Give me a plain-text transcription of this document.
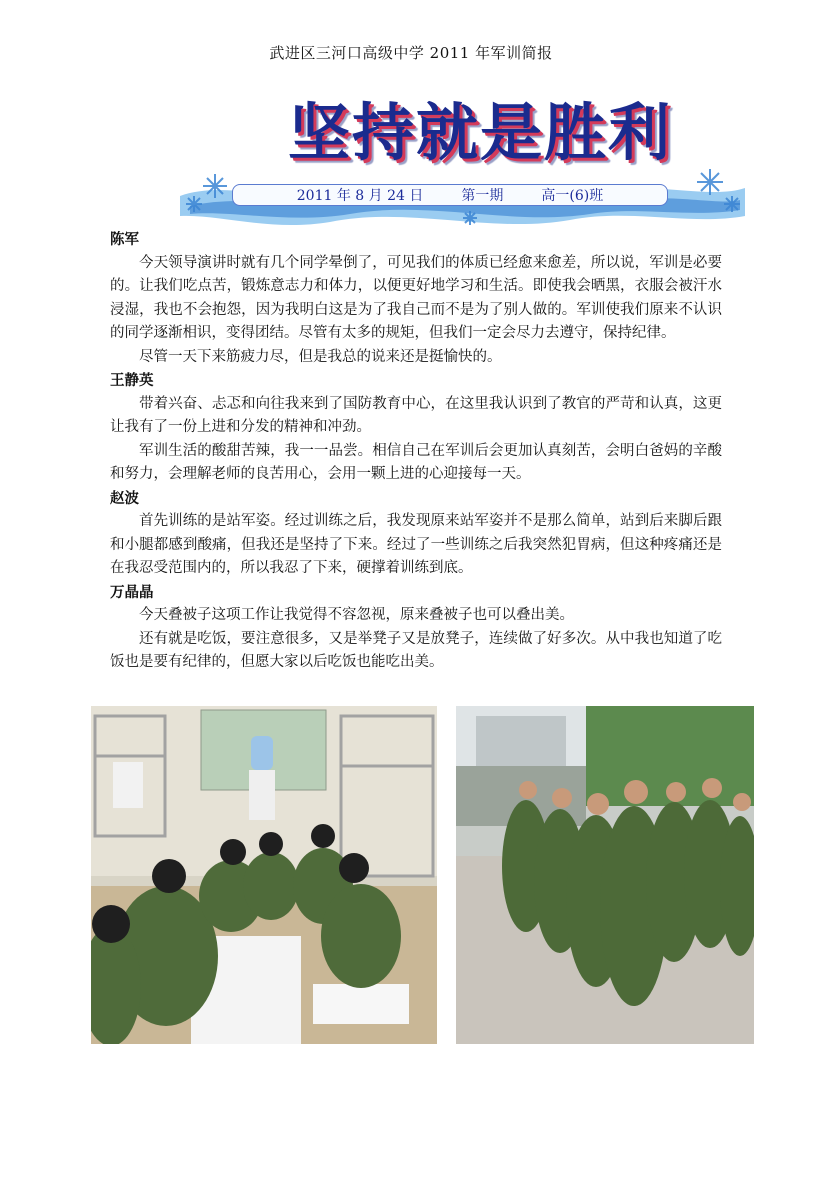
武进区三河口高级中学 2011 年军训简报
坚持就是胜利
2011 年 8 月 24 日	第一期	高一(6)班

陈军

今天领导演讲时就有几个同学晕倒了，可见我们的体质已经愈来愈差，所以说，军训是必要的。让我们吃点苦，锻炼意志力和体力，以便更好地学习和生活。即使我会晒黑，衣服会被汗水浸湿，我也不会抱怨，因为我明白这是为了我自己而不是为了别人做的。军训使我们原来不认识的同学逐渐相识，变得团结。尽管有太多的规矩，但我们一定会尽力去遵守，保持纪律。

尽管一天下来筋疲力尽，但是我总的说来还是挺愉快的。

王静英

带着兴奋、忐忑和向往我来到了国防教育中心，在这里我认识到了教官的严苛和认真，这更让我有了一份上进和分发的精神和冲劲。

军训生活的酸甜苦辣，我一一品尝。相信自己在军训后会更加认真刻苦，会明白爸妈的辛酸和努力，会理解老师的良苦用心，会用一颗上进的心迎接每一天。

赵波

首先训练的是站军姿。经过训练之后，我发现原来站军姿并不是那么简单，站到后来脚后跟和小腿都感到酸痛，但我还是坚持了下来。经过了一些训练之后我突然犯胃病，但这种疼痛还是在我忍受范围内的，所以我忍了下来，硬撑着训练到底。

万晶晶

今天叠被子这项工作让我觉得不容忽视，原来叠被子也可以叠出美。

还有就是吃饭，要注意很多，又是举凳子又是放凳子，连续做了好多次。从中我也知道了吃饭也是要有纪律的，但愿大家以后吃饭也能吃出美。
